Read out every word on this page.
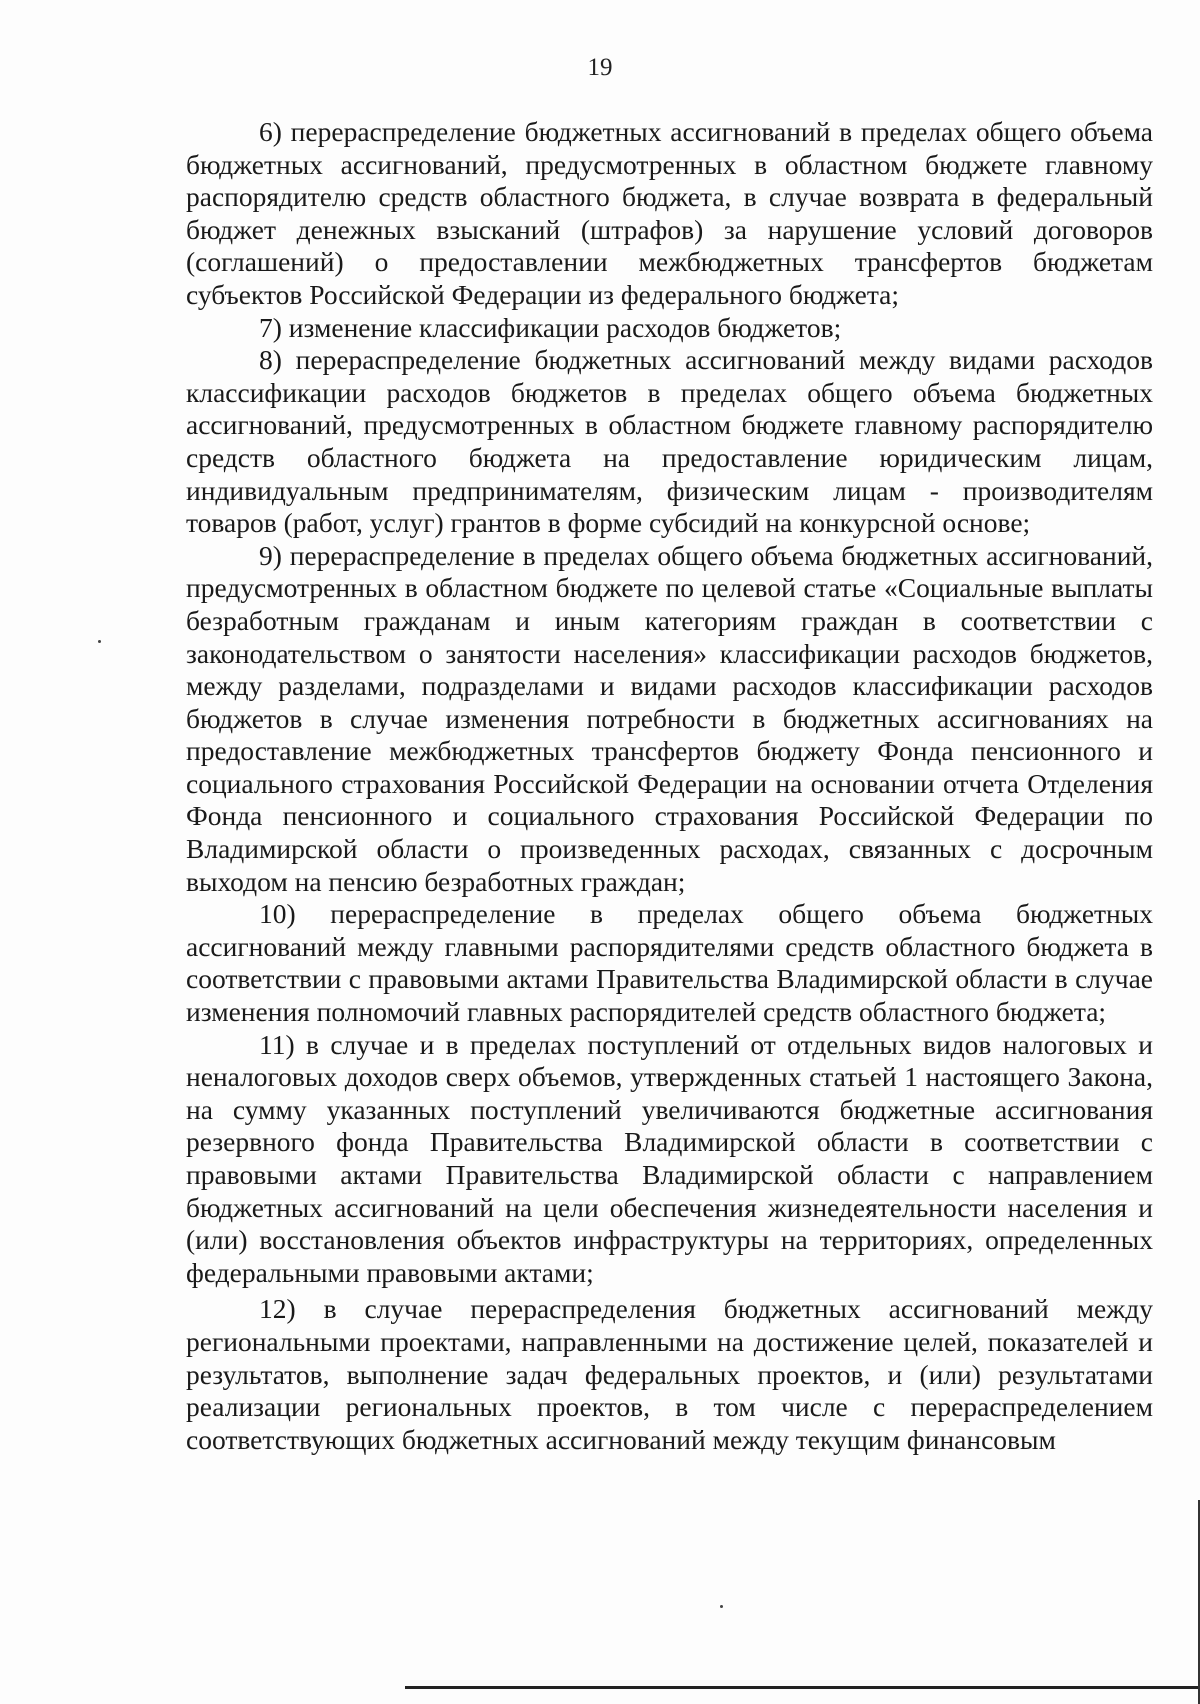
19

6) перераспределение бюджетных ассигнований в пределах общего объема бюджетных ассигнований, предусмотренных в областном бюджете главному распорядителю средств областного бюджета, в случае возврата в федеральный бюджет денежных взысканий (штрафов) за нарушение условий договоров (соглашений) о предоставлении межбюджетных трансфертов бюджетам субъектов Российской Федерации из федерального бюджета;

7) изменение классификации расходов бюджетов;

8) перераспределение бюджетных ассигнований между видами расходов классификации расходов бюджетов в пределах общего объема бюджетных ассигнований, предусмотренных в областном бюджете главному распорядителю средств областного бюджета на предоставление юридическим лицам, индивидуальным предпринимателям, физическим лицам - производителям товаров (работ, услуг) грантов в форме субсидий на конкурсной основе;

9) перераспределение в пределах общего объема бюджетных ассигнований, предусмотренных в областном бюджете по целевой статье «Социальные выплаты безработным гражданам и иным категориям граждан в соответствии с законодательством о занятости населения» классификации расходов бюджетов, между разделами, подразделами и видами расходов классификации расходов бюджетов в случае изменения потребности в бюджетных ассигнованиях на предоставление межбюджетных трансфертов бюджету Фонда пенсионного и социального страхования Российской Федерации на основании отчета Отделения Фонда пенсионного и социального страхования Российской Федерации по Владимирской области о произведенных расходах, связанных с досрочным выходом на пенсию безработных граждан;

10) перераспределение в пределах общего объема бюджетных ассигнований между главными распорядителями средств областного бюджета в соответствии с правовыми актами Правительства Владимирской области в случае изменения полномочий главных распорядителей средств областного бюджета;

11) в случае и в пределах поступлений от отдельных видов налоговых и неналоговых доходов сверх объемов, утвержденных статьей 1 настоящего Закона, на сумму указанных поступлений увеличиваются бюджетные ассигнования резервного фонда Правительства Владимирской области в соответствии с правовыми актами Правительства Владимирской области с направлением бюджетных ассигнований на цели обеспечения жизнедеятельности населения и (или) восстановления объектов инфраструктуры на территориях, определенных федеральными правовыми актами;

12) в случае перераспределения бюджетных ассигнований между региональными проектами, направленными на достижение целей, показателей и результатов, выполнение задач федеральных проектов, и (или) результатами реализации региональных проектов, в том числе с перераспределением соответствующих бюджетных ассигнований между текущим финансовым
